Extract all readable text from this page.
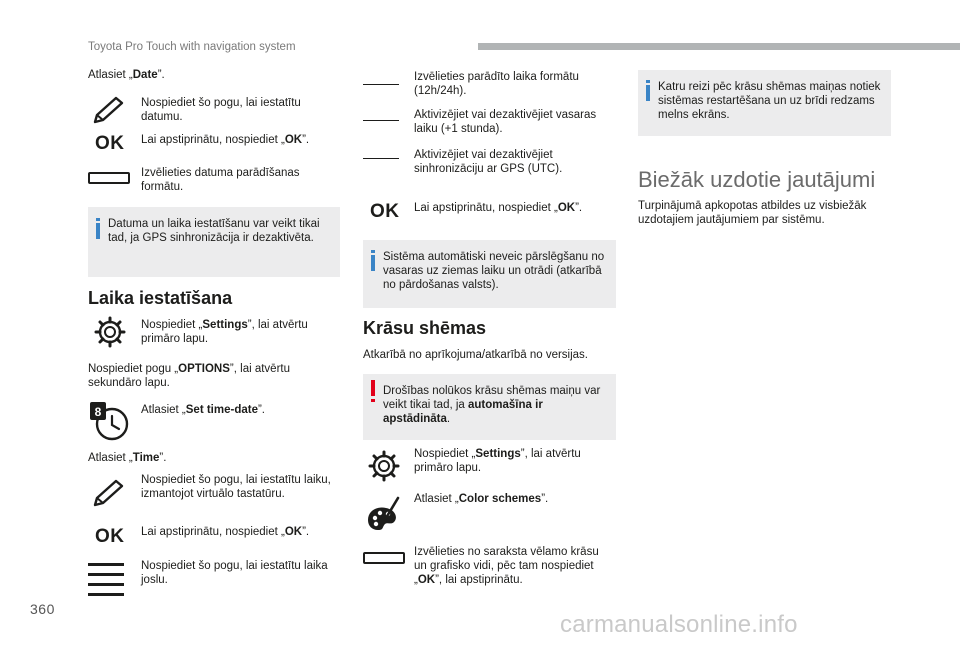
Toyota Pro Touch with navigation system
Atlasiet „Date”.
Nospiediet šo pogu, lai iestatītu datumu.
OK Lai apstiprinātu, nospiediet „OK”.
Izvēlieties datuma parādīšanas formātu.

Datuma un laika iestatīšanu var veikt tikai tad, ja GPS sinhronizācija ir dezaktivēta.

Laika iestatīšana
Nospiediet „Settings”, lai atvērtu primāro lapu.
Nospiediet pogu „OPTIONS”, lai atvērtu sekundāro lapu.
8	Atlasiet „Set time-date”.
Atlasiet „Time”.
Nospiediet šo pogu, lai iestatītu laiku, izmantojot virtuālo tastatūru.
OK Lai apstiprinātu, nospiediet „OK”.
Nospiediet šo pogu, lai iestatītu laika joslu.
Izvēlieties parādīto laika formātu (12h/24h).
Aktivizējiet vai dezaktivējiet vasaras laiku (+1 stunda).
Aktivizējiet vai dezaktivējiet sinhronizāciju ar GPS (UTC).
OK Lai apstiprinātu, nospiediet „OK”.

Sistēma automātiski neveic pārslēgšanu no vasaras uz ziemas laiku un otrādi (atkarībā no pārdošanas valsts).

Krāsu shēmas
Atkarībā no aprīkojuma/atkarībā no versijas.

Drošības nolūkos krāsu shēmas maiņu var veikt tikai tad, ja automašīna ir apstādināta.

Nospiediet „Settings”, lai atvērtu primāro lapu.
Atlasiet „Color schemes”.
Izvēlieties no saraksta vēlamo krāsu un grafisko vidi, pēc tam nospiediet „OK”, lai apstiprinātu.

Katru reizi pēc krāsu shēmas maiņas notiek sistēmas restartēšana un uz brīdi redzams melns ekrāns.

Biežāk uzdotie jautājumi
Turpinājumā apkopotas atbildes uz visbiežāk uzdotajiem jautājumiem par sistēmu.
360
carmanualsonline.info
